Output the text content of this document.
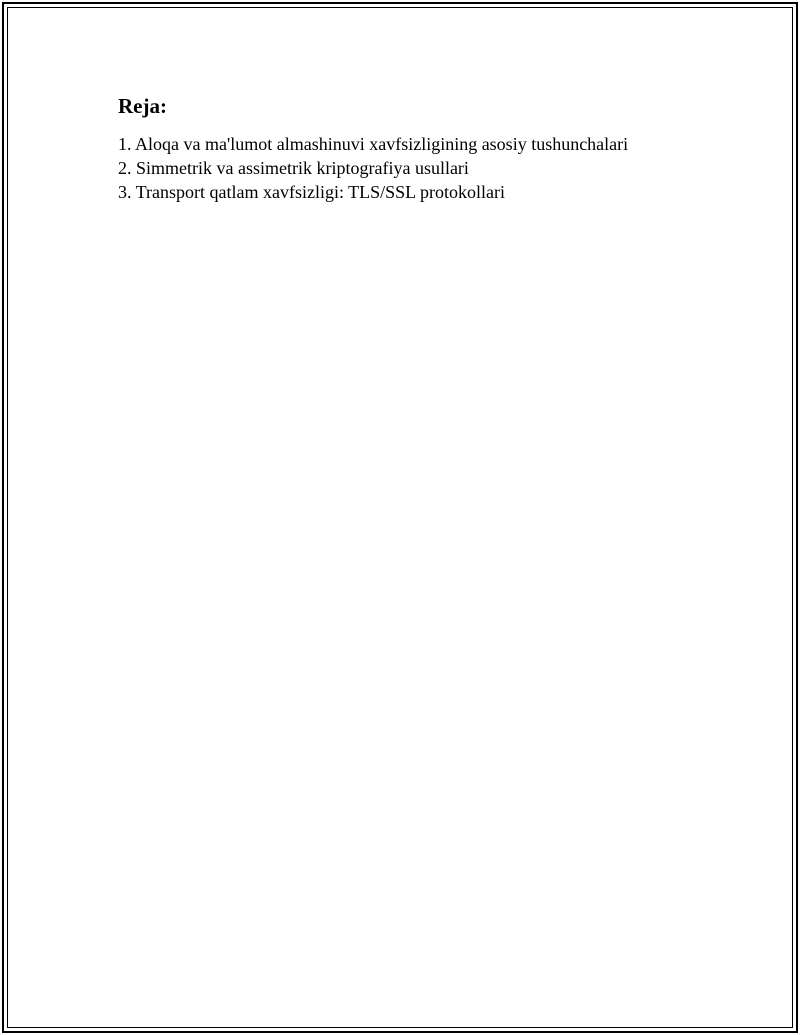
Reja:
1. Aloqa va ma'lumot almashinuvi xavfsizligining asosiy tushunchalari
2. Simmetrik va assimetrik kriptografiya usullari
3. Transport qatlam xavfsizligi: TLS/SSL protokollari
